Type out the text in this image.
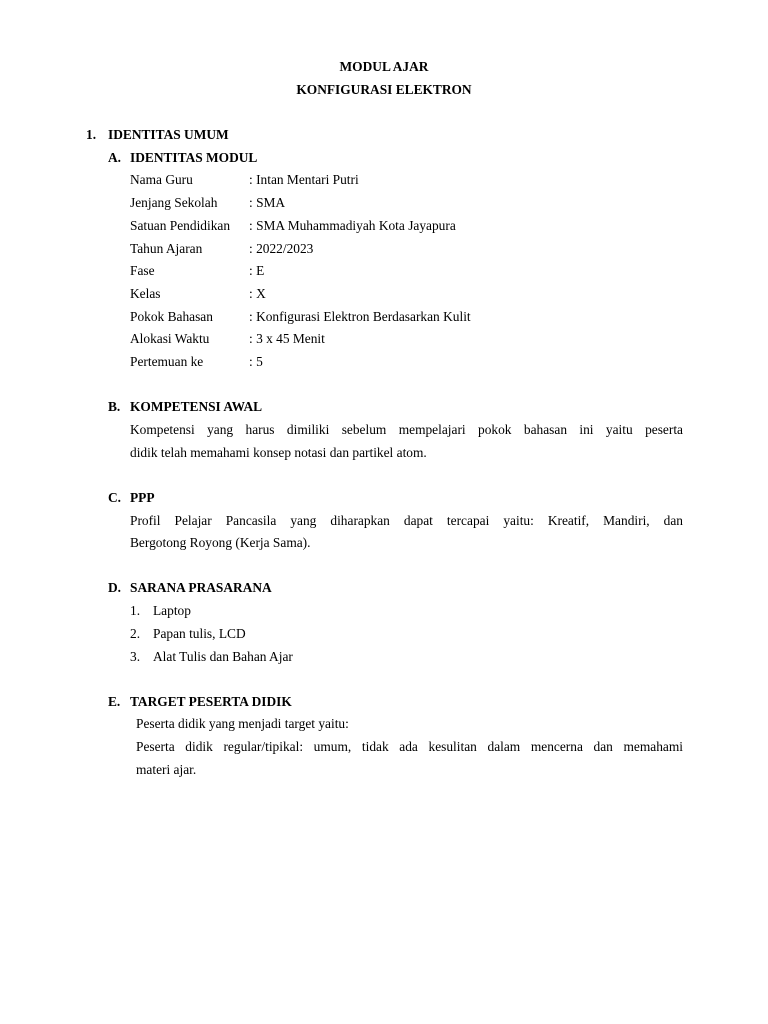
MODUL AJAR
KONFIGURASI ELEKTRON
1. IDENTITAS UMUM
A. IDENTITAS MODUL
Nama Guru	: Intan Mentari Putri
Jenjang Sekolah : SMA
Satuan Pendidikan : SMA Muhammadiyah Kota Jayapura
Tahun Ajaran	: 2022/2023
Fase	: E
Kelas	: X
Pokok Bahasan	: Konfigurasi Elektron Berdasarkan Kulit
Alokasi Waktu	: 3 x 45 Menit
Pertemuan ke	: 5
B. KOMPETENSI AWAL
Kompetensi yang harus dimiliki sebelum mempelajari pokok bahasan ini yaitu peserta
didik telah memahami konsep notasi dan partikel atom.
C. PPP
Profil Pelajar Pancasila yang diharapkan dapat tercapai yaitu: Kreatif, Mandiri, dan
Bergotong Royong (Kerja Sama).
D. SARANA PRASARANA
1. Laptop
2. Papan tulis, LCD
3. Alat Tulis dan Bahan Ajar
E. TARGET PESERTA DIDIK
Peserta didik yang menjadi target yaitu:
Peserta didik regular/tipikal: umum, tidak ada kesulitan dalam mencerna dan memahami
materi ajar.
